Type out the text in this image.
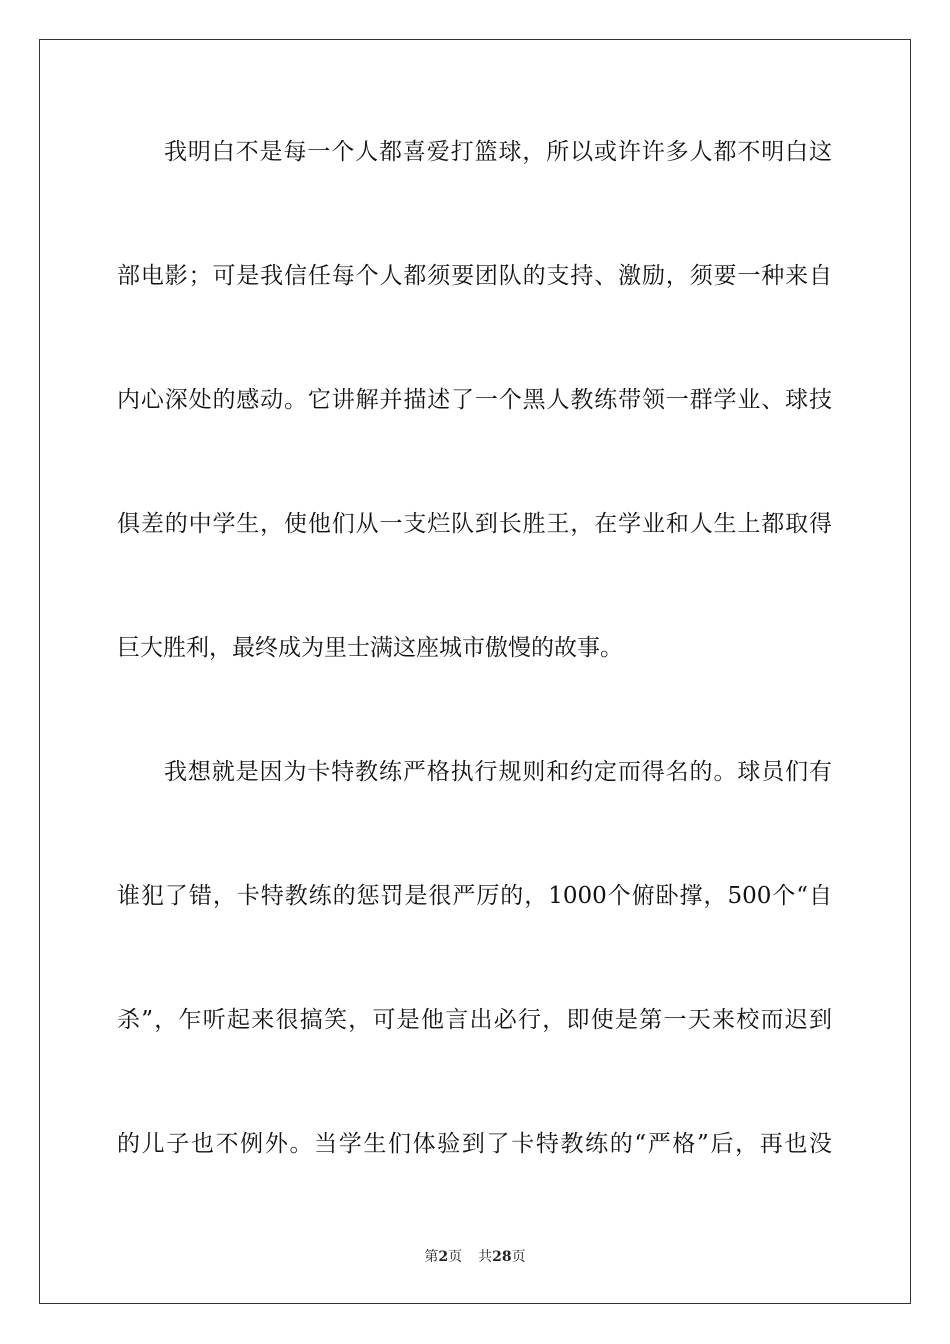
我明白不是每一个人都喜爱打篮球，所以或许许多人都不明白这
部电影；可是我信任每个人都须要团队的支持、激励，须要一种来自
内心深处的感动。它讲解并描述了一个黑人教练带领一群学业、球技
俱差的中学生，使他们从一支烂队到长胜王，在学业和人生上都取得
巨大胜利，最终成为里士满这座城市傲慢的故事。
我想就是因为卡特教练严格执行规则和约定而得名的。球员们有
谁犯了错，卡特教练的惩罚是很严厉的，1000个俯卧撑，500个“自
杀”，乍听起来很搞笑，可是他言出必行，即使是第一天来校而迟到
的儿子也不例外。当学生们体验到了卡特教练的“严格”后，再也没
第2页 共28页
